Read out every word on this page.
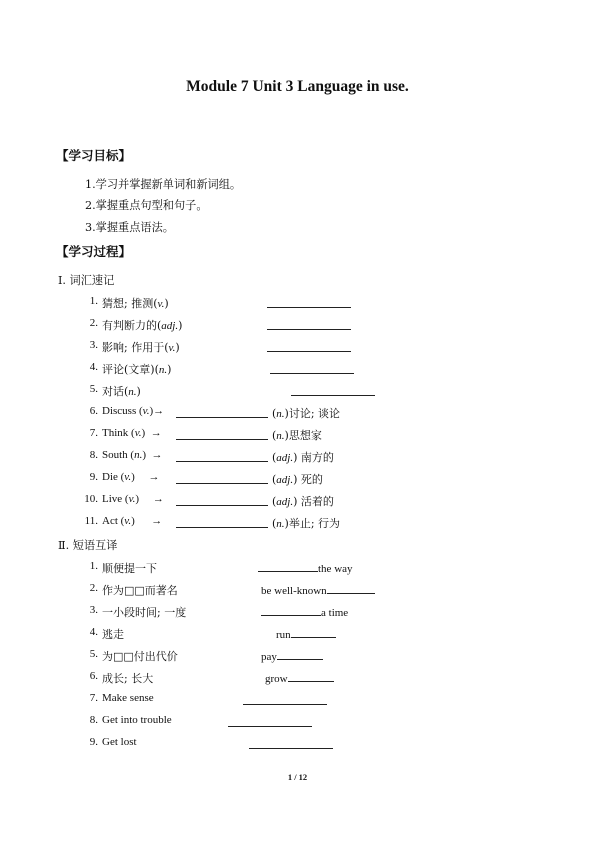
Module 7 Unit 3 Language in use.
【学习目标】
1.学习并掌握新单词和新词组。
2.掌握重点句型和句子。
3.掌握重点语法。
【学习过程】
Ⅰ. 词汇速记
1. 猜想; 推测(v.)
2. 有判断力的(adj.)
3. 影响; 作用于(v.)
4. 评论(文章)(n.)
5. 对话(n.)
6. Discuss (v.)→	(n.)讨论; 谈论
7. Think (v.)  →	(n.)思想家
8. South (n.)  →	(adj.) 南方的
9. Die (v.)     →	(adj.) 死的
10. Live (v.)     →	(adj.) 活着的
11. Act (v.)      →	(n.)举止; 行为
Ⅱ. 短语互译
1. 顺便提一下	the way
2. 作为□□而著名	be well-known
3. 一小段时间; 一度	a time
4. 逃走	run
5. 为□□付出代价	pay
6. 成长; 长大	grow
7. Make sense
8. Get into trouble
9. Get lost
1 / 12
